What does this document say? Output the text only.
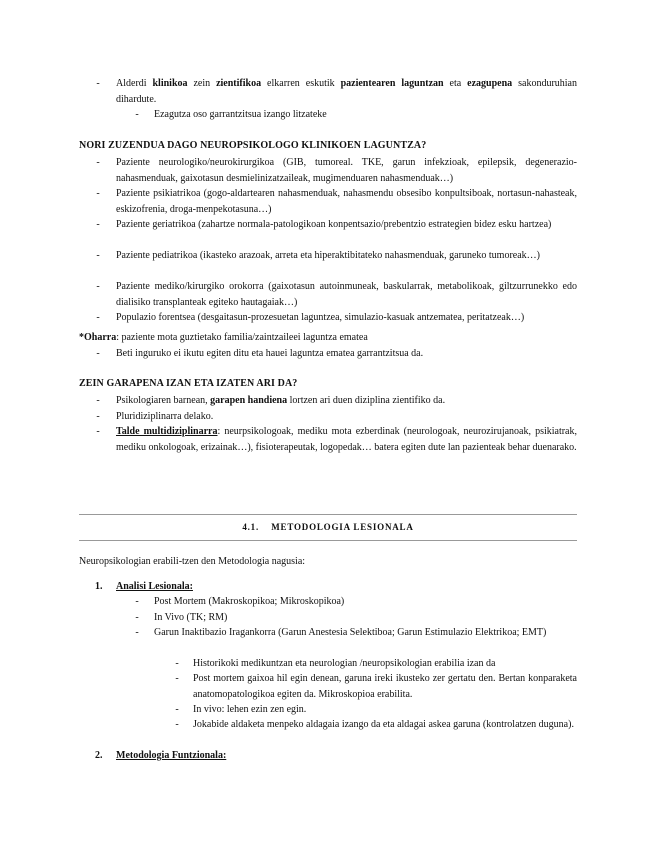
-	Alderdi klinikoa zein zientifikoa elkarren eskutik pazientearen laguntzan eta ezagupena sakonduruhian dihardute.
-	Ezagutza oso garrantzitsua izango litzateke
NORI ZUZENDUA DAGO NEUROPSIKOLOGO KLINIKOEN LAGUNTZA?
-	Paziente neurologiko/neurokirurgikoa (GIB, tumoreal. TKE, garun infekzioak, epilepsik, degenerazio-nahasmenduak, gaixotasun desmielinizatzaileak, mugimenduaren nahasmenduak…)
-	Paziente psikiatrikoa (gogo-aldartearen nahasmenduak, nahasmendu obsesibo konpultsiboak, nortasun-nahasteak, eskizofrenia, droga-menpekotasuna…)
-	Paziente geriatrikoa (zahartze normala-patologikoan konpentsazio/prebentzio estrategien bidez esku hartzea)
-	Paziente pediatrikoa (ikasteko arazoak, arreta eta hiperaktibitateko nahasmenduak, garuneko tumoreak…)
-	Paziente mediko/kirurgiko orokorra (gaixotasun autoinmuneak, baskularrak, metabolikoak, giltzurrunekko edo dialisiko transplanteak egiteko hautagaiak…)
-	Populazio forentsea (desgaitasun-prozesuetan laguntzea, simulazio-kasuak antzematea, peritatzeak…)
*Oharra: paziente mota guztietako familia/zaintzaileei laguntza ematea
-	Beti inguruko ei ikutu egiten ditu eta hauei laguntza ematea garrantzitsua da.
ZEIN GARAPENA IZAN ETA IZATEN ARI DA?
-	Psikologiaren barnean, garapen handiena lortzen ari duen diziplina zientifiko da.
-	Pluridiziplinarra delako.
-	Talde multidiziplinarra: neurpsikologoak, mediku mota ezberdinak (neurologoak, neurozirujanoak, psikiatrak, mediku onkologoak, erizainak…), fisioterapeutak, logopedak… batera egiten dute lan pazienteak behar duenarako.
4.1. METODOLOGIA LESIONALA
Neuropsikologian erabili-tzen den Metodologia nagusia:
1. Analisi Lesionala:
-	Post Mortem (Makroskopikoa; Mikroskopikoa)
-	In Vivo (TK; RM)
-	Garun Inaktibazio Iragankorra (Garun Anestesia Selektiboa; Garun Estimulazio Elektrikoa; EMT)
-	Historikoki medikuntzan eta neurologian /neuropsikologian erabilia izan da
-	Post mortem gaixoa hil egin denean, garuna ireki ikusteko zer gertatu den. Bertan konparaketa anatomopatologikoa egiten da. Mikroskopioa erabilita.
-	In vivo: lehen ezin zen egin.
-	Jokabide aldaketa menpeko aldagaia izango da eta aldagai askea garuna (kontrolatzen duguna).
2. Metodologia Funtzionala:
